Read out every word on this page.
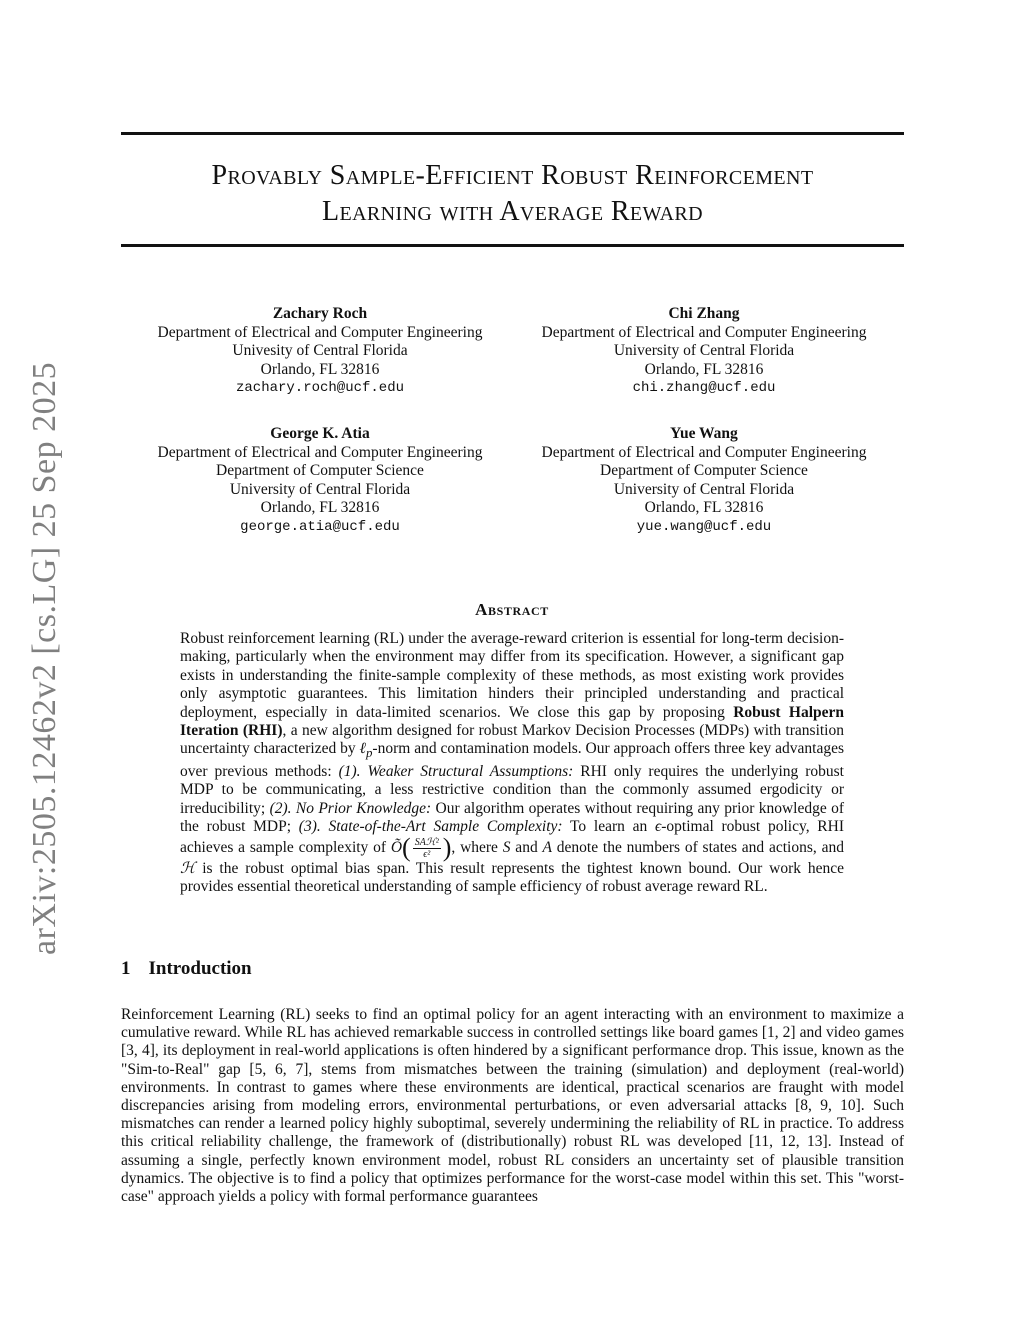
Provably Sample-Efficient Robust Reinforcement
Learning with Average Reward
Zachary Roch
Department of Electrical and Computer Engineering
Univesity of Central Florida
Orlando, FL 32816
zachary.roch@ucf.edu
Chi Zhang
Department of Electrical and Computer Engineering
University of Central Florida
Orlando, FL 32816
chi.zhang@ucf.edu
George K. Atia
Department of Electrical and Computer Engineering
Department of Computer Science
University of Central Florida
Orlando, FL 32816
george.atia@ucf.edu
Yue Wang
Department of Electrical and Computer Engineering
Department of Computer Science
University of Central Florida
Orlando, FL 32816
yue.wang@ucf.edu
arXiv:2505.12462v2 [cs.LG] 25 Sep 2025	Abstract
Robust reinforcement learning (RL) under the average-reward criterion is essential for long-term decision-making, particularly when the environment may differ from its specification. However, a significant gap exists in understanding the finite-sample complexity of these methods, as most existing work provides only asymptotic guarantees. This limitation hinders their principled understanding and practical deployment, especially in data-limited scenarios. We close this gap by proposing Robust Halpern Iteration (RHI), a new algorithm designed for robust Markov Decision Processes (MDPs) with transition uncertainty characterized by ℓ$_p$-norm and contamination models. Our approach offers three key advantages over previous methods: (1). Weaker Structural Assumptions: RHI only requires the underlying robust MDP to be communicating, a less restrictive condition than the commonly assumed ergodicity or irreducibility; (2). No Prior Knowledge: Our algorithm operates without requiring any prior knowledge of the robust MDP; (3). State-of-the-Art Sample Complexity: To learn an ϵ-optimal robust policy, RHI achieves a sample complexity of Õ( $\frac{\text{SAℋ²}}{\text{ϵ²}}$ ), where S and A denote the numbers of states and actions, and ℋ is the robust optimal bias span. This result represents the tightest known bound. Our work hence provides essential theoretical understanding of sample efficiency of robust average reward RL.
1 Introduction
Reinforcement Learning (RL) seeks to find an optimal policy for an agent interacting with an environment to maximize a cumulative reward. While RL has achieved remarkable success in controlled settings like board games [1, 2] and video games [3, 4], its deployment in real-world applications is often hindered by a significant performance drop. This issue, known as the "Sim-to-Real" gap [5, 6, 7], stems from mismatches between the training (simulation) and deployment (real-world) environments. In contrast to games where these environments are identical, practical scenarios are fraught with model discrepancies arising from modeling errors, environmental perturbations, or even adversarial attacks [8, 9, 10]. Such mismatches can render a learned policy highly suboptimal, severely undermining the reliability of RL in practice. To address this critical reliability challenge, the framework of (distributionally) robust RL was developed [11, 12, 13]. Instead of assuming a single, perfectly known environment model, robust RL considers an uncertainty set of plausible transition dynamics. The objective is to find a policy that optimizes performance for the worst-case model within this set. This "worst-case" approach yields a policy with formal performance guarantees
